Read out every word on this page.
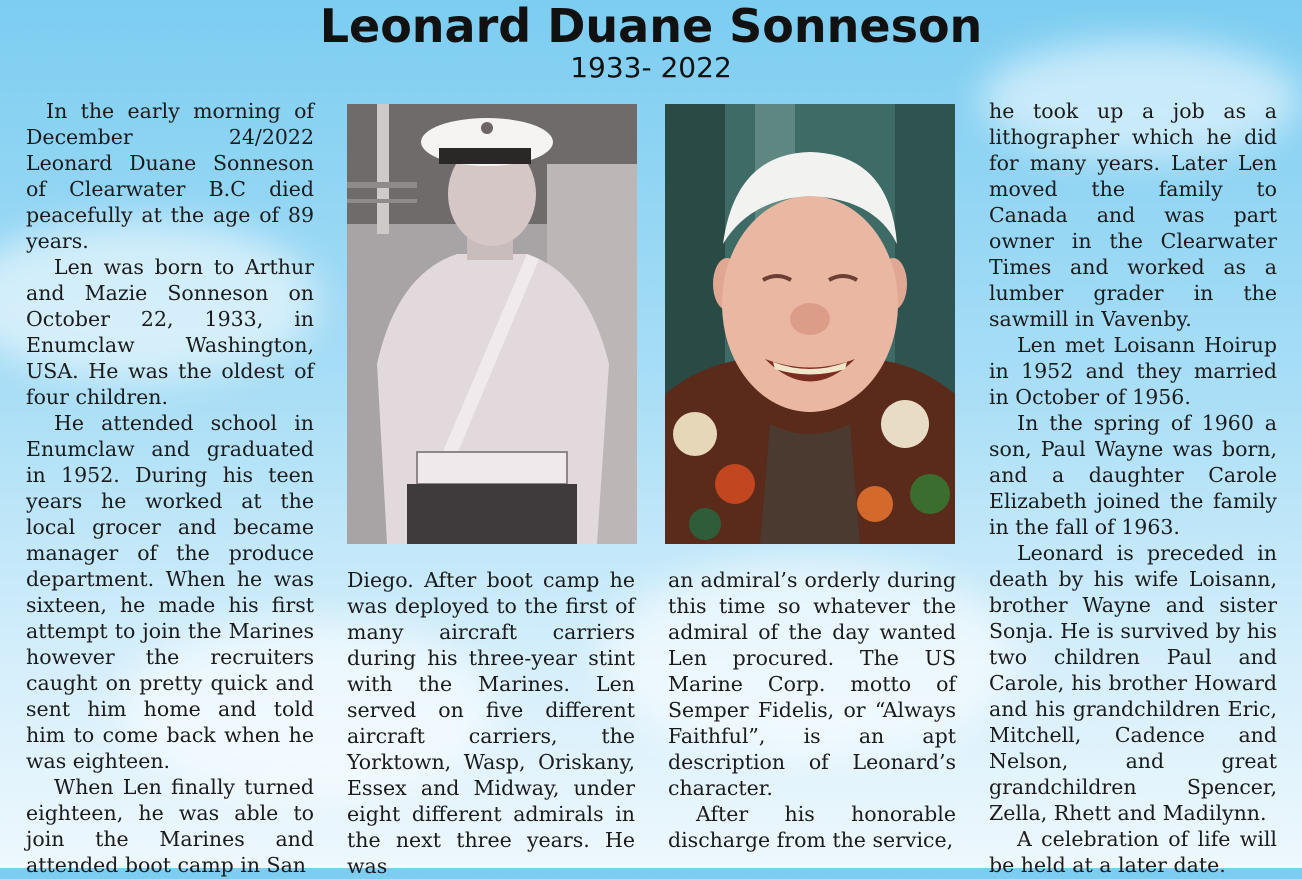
Leonard Duane Sonneson
1933- 2022

In the early morning of December 24/2022 Leonard Duane Sonneson of Clearwater B.C died peacefully at the age of 89 years.

Len was born to Arthur and Mazie Sonneson on October 22, 1933, in Enumclaw Washington, USA. He was the oldest of four children.

He attended school in Enumclaw and graduated in 1952. During his teen years he worked at the local grocer and became manager of the produce department. When he was sixteen, he made his first attempt to join the Marines however the recruiters caught on pretty quick and sent him home and told him to come back when he was eighteen.

When Len finally turned eighteen, he was able to join the Marines and attended boot camp in San

Diego. After boot camp he was deployed to the first of many aircraft carriers during his three-year stint with the Marines. Len served on five different aircraft carriers, the Yorktown, Wasp, Oriskany, Essex and Midway, under eight different admirals in the next three years. He was

an admiral’s orderly during this time so whatever the admiral of the day wanted Len procured. The US Marine Corp. motto of Semper Fidelis, or “Always Faithful”, is an apt description of Leonard’s character.

After his honorable discharge from the service,

he took up a job as a lithographer which he did for many years. Later Len moved the family to Canada and was part owner in the Clearwater Times and worked as a lumber grader in the sawmill in Vavenby.

Len met Loisann Hoirup in 1952 and they married in October of 1956.

In the spring of 1960 a son, Paul Wayne was born, and a daughter Carole Elizabeth joined the family in the fall of 1963.

Leonard is preceded in death by his wife Loisann, brother Wayne and sister Sonja. He is survived by his two children Paul and Carole, his brother Howard and his grandchildren Eric, Mitchell, Cadence and Nelson, and great grandchildren Spencer, Zella, Rhett and Madilynn.

A celebration of life will be held at a later date.
